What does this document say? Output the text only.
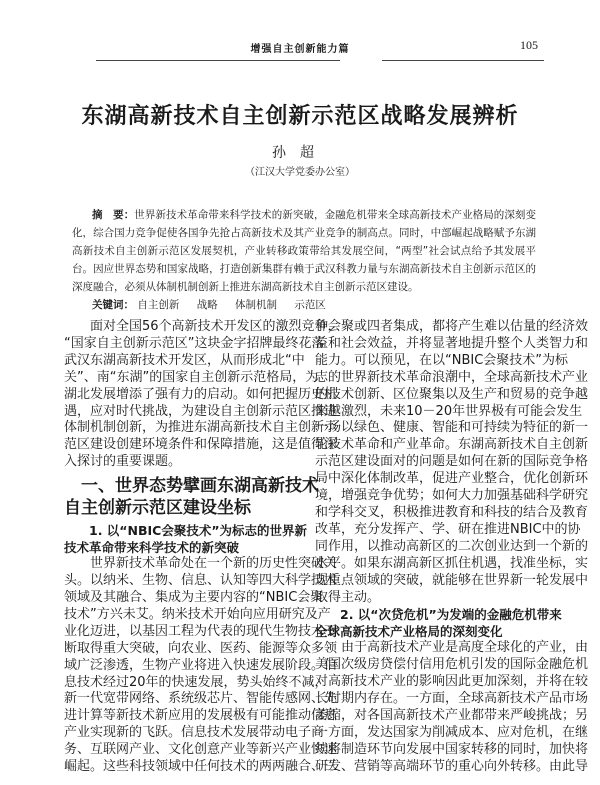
增强自主创新能力篇	105
东湖高新技术自主创新示范区战略发展辨析
孙超
（江汉大学党委办公室）
摘　要：世界新技术革命带来科学技术的新突破，金融危机带来全球高新技术产业格局的深刻变
化，综合国力竞争促使各国争先抢占高新技术及其产业竞争的制高点。同时，中部崛起战略赋予东湖
高新技术自主创新示范区发展契机，产业转移政策带给其发展空间，“两型”社会试点给予其发展平
台。因应世界态势和国家战略，打造创新集群有赖于武汉科教力量与东湖高新技术自主创新示范区的
深度融合，必须从体制机制创新上推进东湖高新技术自主创新示范区建设。
关键词： 自主创新 战略 体制机制 示范区
　　面对全国56个高新技术开发区的激烈竞争，
“国家自主创新示范区”这块金字招牌最终花落
武汉东湖高新技术开发区，从而形成北“中
关”、南“东湖”的国家自主创新示范格局，为
湖北发展增添了强有力的启动。如何把握历史机
遇，应对时代挑战，为建设自主创新示范区推进
体制机制创新，为推进东湖高新技术自主创新示
范区建设创建环境条件和保障措施，这是值得深
入探讨的重要课题。
　一、世界态势擘画东湖高新技术
自主创新示范区建设坐标
　　1. 以“NBIC会聚技术”为标志的世界新
技术革命带来科学技术的新突破
　　世界新技术革命处在一个新的历史性突破关
头。以纳米、生物、信息、认知等四大科学技术
领域及其融合、集成为主要内容的“NBIC会聚
技术”方兴未艾。纳米技术开始向应用研究及产
业化迈进，以基因工程为代表的现代生物技术不
断取得重大突破，向农业、医药、能源等众多领
域广泛渗透，生物产业将进入快速发展阶段。信
息技术经过20年的快速发展，势头始终不减，
新一代宽带网络、系统级芯片、智能传感网、先
进计算等新技术新应用的发展极有可能推动信息
产业实现新的飞跃。信息技术发展带动电子商
务、互联网产业、文化创意产业等新兴产业快速
崛起。这些科技领域中任何技术的两两融合、三
种会聚或四者集成，都将产生难以估量的经济效
益和社会效益，并将显著地提升整个人类智力和
能力。可以预见，在以“NBIC会聚技术”为标
志的世界新技术革命浪潮中，全球高新技术产业
的技术创新、区位聚集以及生产和贸易的竞争越
来越激烈，未来10－20年世界极有可能会发生
一场以绿色、健康、智能和可持续为特征的新一
轮技术革命和产业革命。东湖高新技术自主创新
示范区建设面对的问题是如何在新的国际竞争格
局中深化体制改革，促进产业整合，优化创新环
境，增强竞争优势；如何大力加强基础科学研究
和学科交叉，积极推进教育和科技的结合及教育
改革，充分发挥产、学、研在推进NBIC中的协
同作用，以推动高新区的二次创业达到一个新的
水平。如果东湖高新区抓住机遇，找准坐标，实
现重点领域的突破，就能够在世界新一轮发展中
取得主动。
　　2. 以“次贷危机”为发端的金融危机带来
全球高新技术产业格局的深刻变化
　　由于高新技术产业是高度全球化的产业，由
美国次级房贷偿付信用危机引发的国际金融危机
对高新技术产业的影响因此更加深刻，并将在较
长时期内存在。一方面，全球高新技术产品市场
萎缩，对各国高新技术产业都带来严峻挑战；另
一方面，发达国家为削减成本、应对危机，在继
续将制造环节向发展中国家转移的同时，加快将
研发、营销等高端环节的重心向外转移。由此导
